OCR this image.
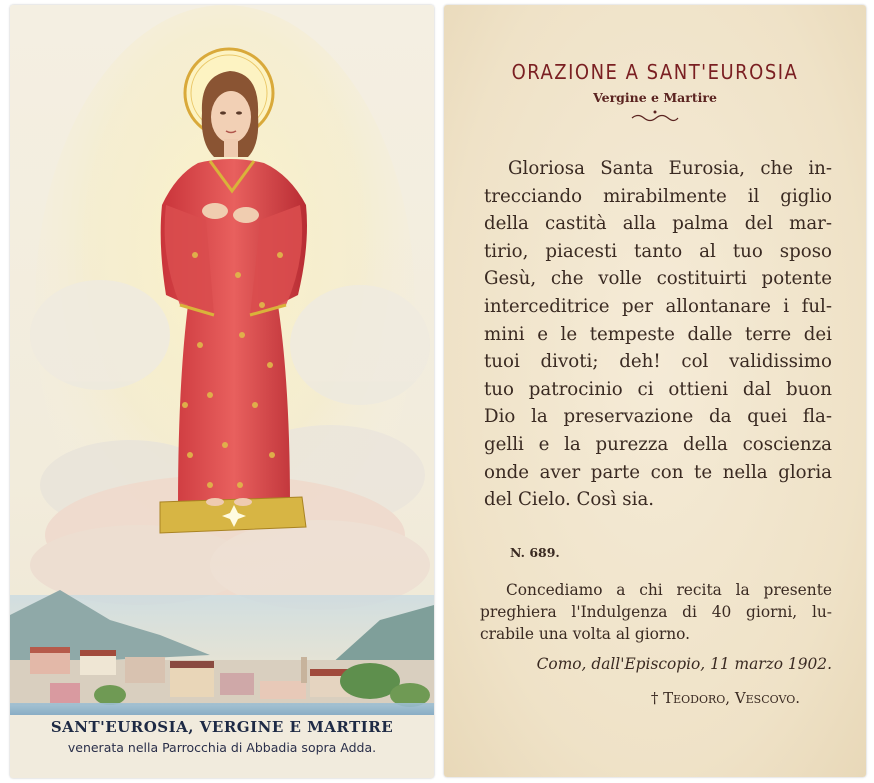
SANT'EUROSIA, VERGINE E MARTIRE
venerata nella Parrocchia di Abbadia sopra Adda.
ORAZIONE A SANT'EUROSIA
Vergine e Martire
Gloriosa Santa Eurosia, che in-
trecciando mirabilmente il giglio
della castità alla palma del mar-
tirio, piacesti tanto al tuo sposo
Gesù, che volle costituirti potente
interceditrice per allontanare i ful-
mini e le tempeste dalle terre dei
tuoi divoti; deh! col validissimo
tuo patrocinio ci ottieni dal buon
Dio la preservazione da quei fla-
gelli e la purezza della coscienza
onde aver parte con te nella gloria
del Cielo. Così sia.
N. 689.
Concediamo a chi recita la presente
preghiera l'Indulgenza di 40 giorni, lu-
crabile una volta al giorno.
Como, dall'Episcopio, 11 marzo 1902.
† Teodoro, Vescovo.
